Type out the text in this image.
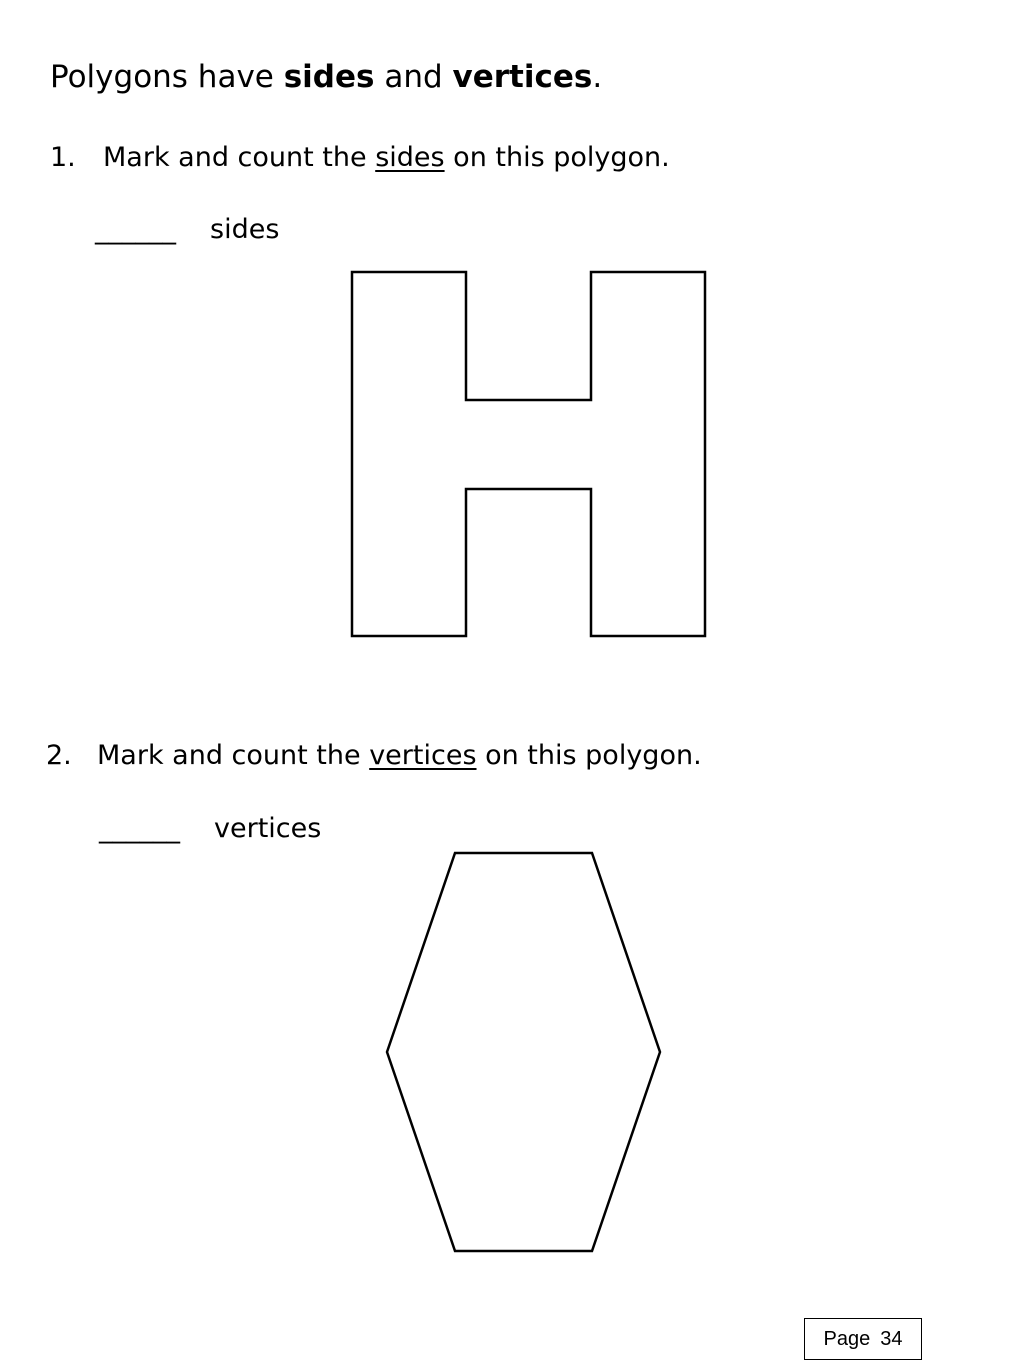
Polygons have sides and vertices.

1. Mark and count the sides on this polygon.

______ sides

2. Mark and count the vertices on this polygon.

______ vertices

Page 34
